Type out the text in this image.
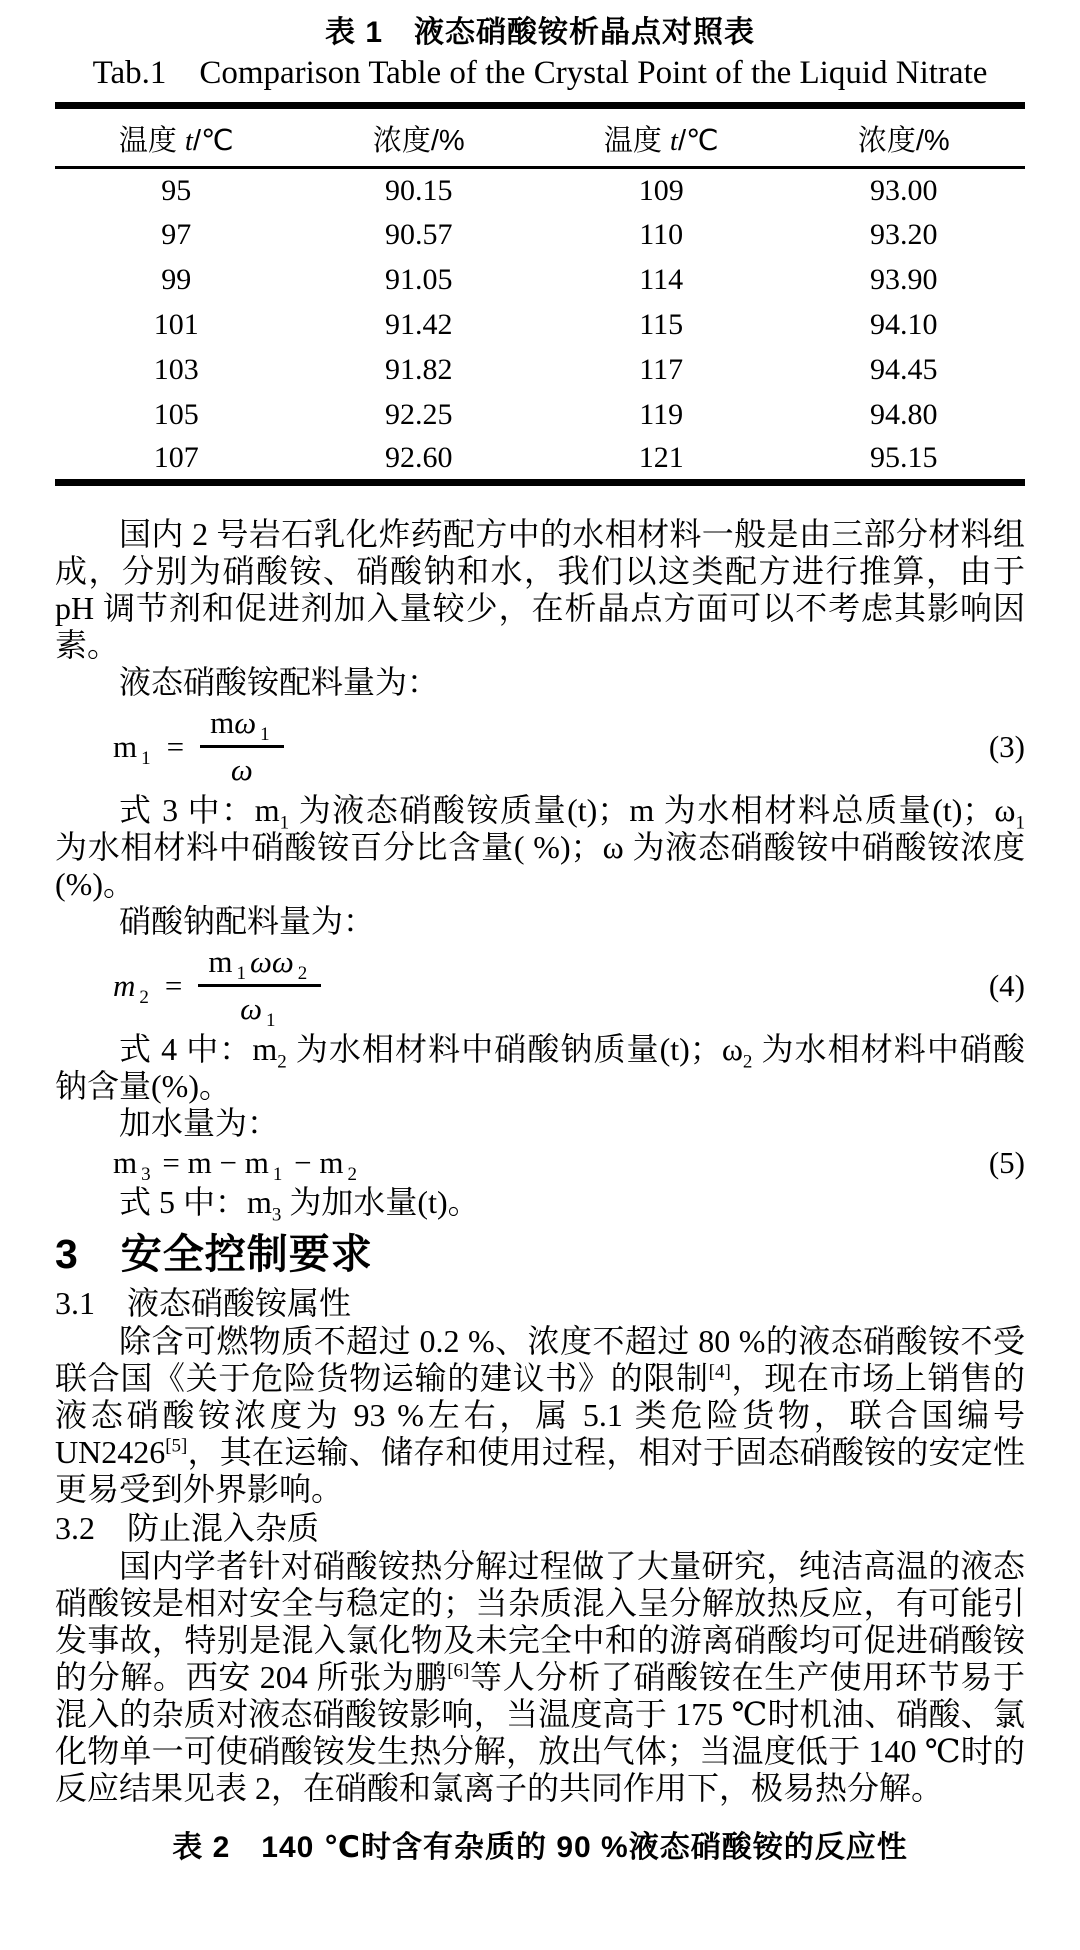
表 1　液态硝酸铵析晶点对照表
Tab.1　Comparison Table of the Crystal Point of the Liquid Nitrate
温度 t/℃	浓度/%	温度 t/℃	浓度/%
95	90.15	109	93.00
97	90.57	110	93.20
99	91.05	114	93.90
101	91.42	115	94.10
103	91.82	117	94.45
105	92.25	119	94.80
107	92.60	121	95.15

国内 2 号岩石乳化炸药配方中的水相材料一般是由三部分材料组成，分别为硝酸铵、硝酸钠和水，我们以这类配方进行推算，由于 pH 调节剂和促进剂加入量较少，在析晶点方面可以不考虑其影响因素。

液态硝酸铵配料量为：

m $_1 = \frac{m\omega _1}{\omega}$	(3)

式 3 中：$m_1$ 为液态硝酸铵质量(t)；m 为水相材料总质量(t)；$\omega_1$ 为水相材料中硝酸铵百分比含量( %)；ω 为液态硝酸铵中硝酸铵浓度(%)。

硝酸钠配料量为：

m $_2 = \frac{m _1 \omega\omega _2}{\omega _1}$	(4)

式 4 中：$m_2$ 为水相材料中硝酸钠质量(t)；$\omega_2$ 为水相材料中硝酸钠含量(%)。

加水量为：

m $_3$ = m − m $_1$ − m $_2$	(5)

式 5 中：$m_3$ 为加水量(t)。

3　安全控制要求
3.1　液态硝酸铵属性

除含可燃物质不超过 0.2 %、浓度不超过 80 %的液态硝酸铵不受联合国《关于危险货物运输的建议书》的限制[4]，现在市场上销售的液态硝酸铵浓度为 93 %左右，属 5.1 类危险货物，联合国编号 UN2426[5]，其在运输、储存和使用过程，相对于固态硝酸铵的安定性更易受到外界影响。

3.2　防止混入杂质

国内学者针对硝酸铵热分解过程做了大量研究，纯洁高温的液态硝酸铵是相对安全与稳定的；当杂质混入呈分解放热反应，有可能引发事故，特别是混入氯化物及未完全中和的游离硝酸均可促进硝酸铵的分解。西安 204 所张为鹏[6]等人分析了硝酸铵在生产使用环节易于混入的杂质对液态硝酸铵影响，当温度高于 175 ℃时机油、硝酸、氯化物单一可使硝酸铵发生热分解，放出气体；当温度低于 140 ℃时的反应结果见表 2，在硝酸和氯离子的共同作用下，极易热分解。

表 2　140 ℃时含有杂质的 90 %液态硝酸铵的反应性
